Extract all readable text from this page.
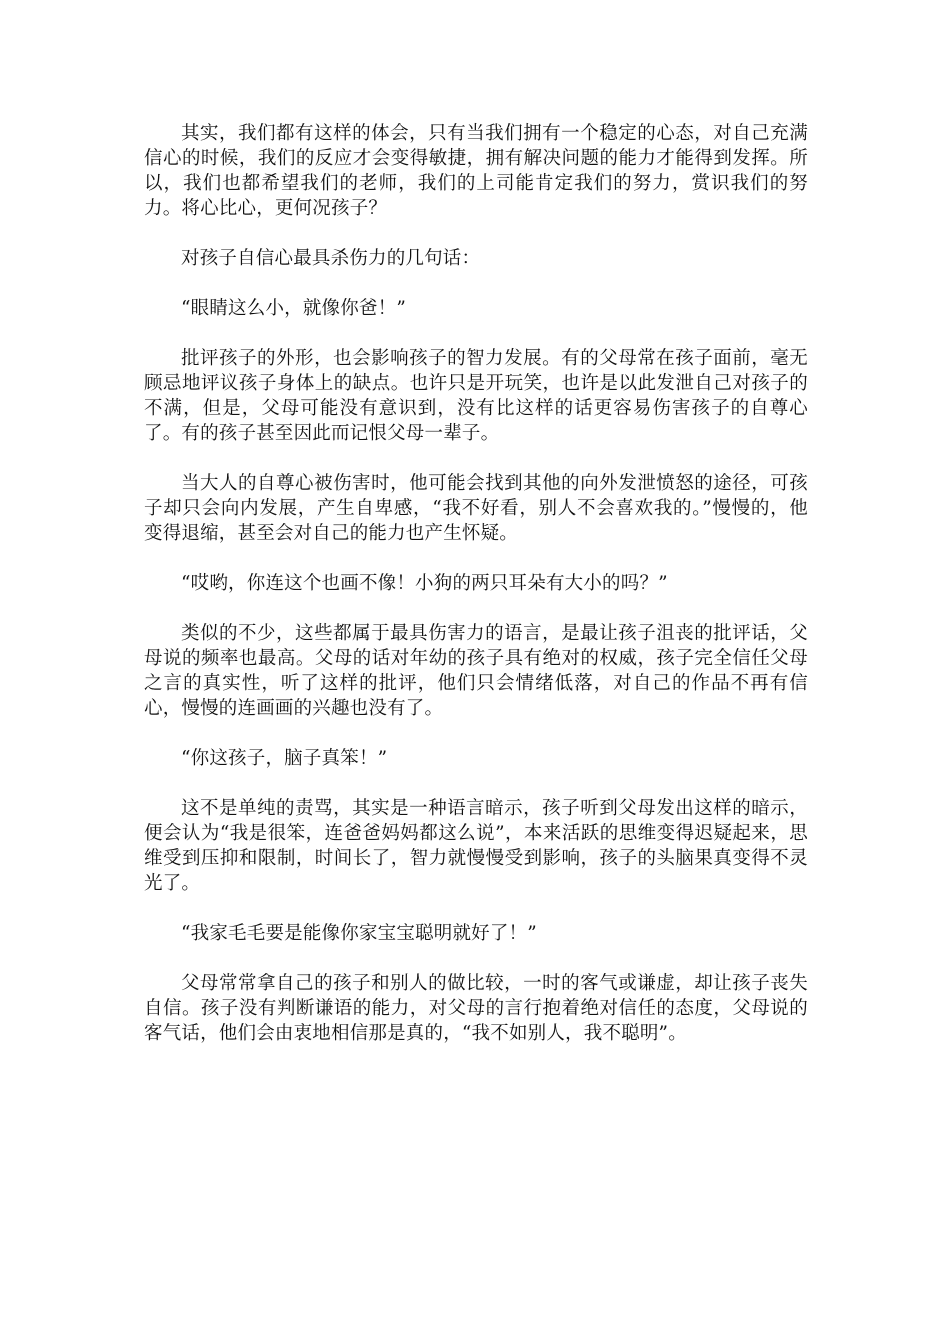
其实，我们都有这样的体会，只有当我们拥有一个稳定的心态，对自己充满信心的时候，我们的反应才会变得敏捷，拥有解决问题的能力才能得到发挥。所以，我们也都希望我们的老师，我们的上司能肯定我们的努力，赏识我们的努力。将心比心，更何况孩子？

对孩子自信心最具杀伤力的几句话：

“眼睛这么小，就像你爸！”

批评孩子的外形，也会影响孩子的智力发展。有的父母常在孩子面前，毫无顾忌地评议孩子身体上的缺点。也许只是开玩笑，也许是以此发泄自己对孩子的不满，但是，父母可能没有意识到，没有比这样的话更容易伤害孩子的自尊心了。有的孩子甚至因此而记恨父母一辈子。

当大人的自尊心被伤害时，他可能会找到其他的向外发泄愤怒的途径，可孩子却只会向内发展，产生自卑感，“我不好看，别人不会喜欢我的。”慢慢的，他变得退缩，甚至会对自己的能力也产生怀疑。

“哎哟，你连这个也画不像！小狗的两只耳朵有大小的吗？”

类似的不少，这些都属于最具伤害力的语言，是最让孩子沮丧的批评话，父母说的频率也最高。父母的话对年幼的孩子具有绝对的权威，孩子完全信任父母之言的真实性，听了这样的批评，他们只会情绪低落，对自己的作品不再有信心，慢慢的连画画的兴趣也没有了。

“你这孩子，脑子真笨！”

这不是单纯的责骂，其实是一种语言暗示，孩子听到父母发出这样的暗示，便会认为“我是很笨，连爸爸妈妈都这么说”，本来活跃的思维变得迟疑起来，思维受到压抑和限制，时间长了，智力就慢慢受到影响，孩子的头脑果真变得不灵光了。

“我家毛毛要是能像你家宝宝聪明就好了！”

父母常常拿自己的孩子和别人的做比较，一时的客气或谦虚，却让孩子丧失自信。孩子没有判断谦语的能力，对父母的言行抱着绝对信任的态度，父母说的客气话，他们会由衷地相信那是真的，“我不如别人，我不聪明”。
